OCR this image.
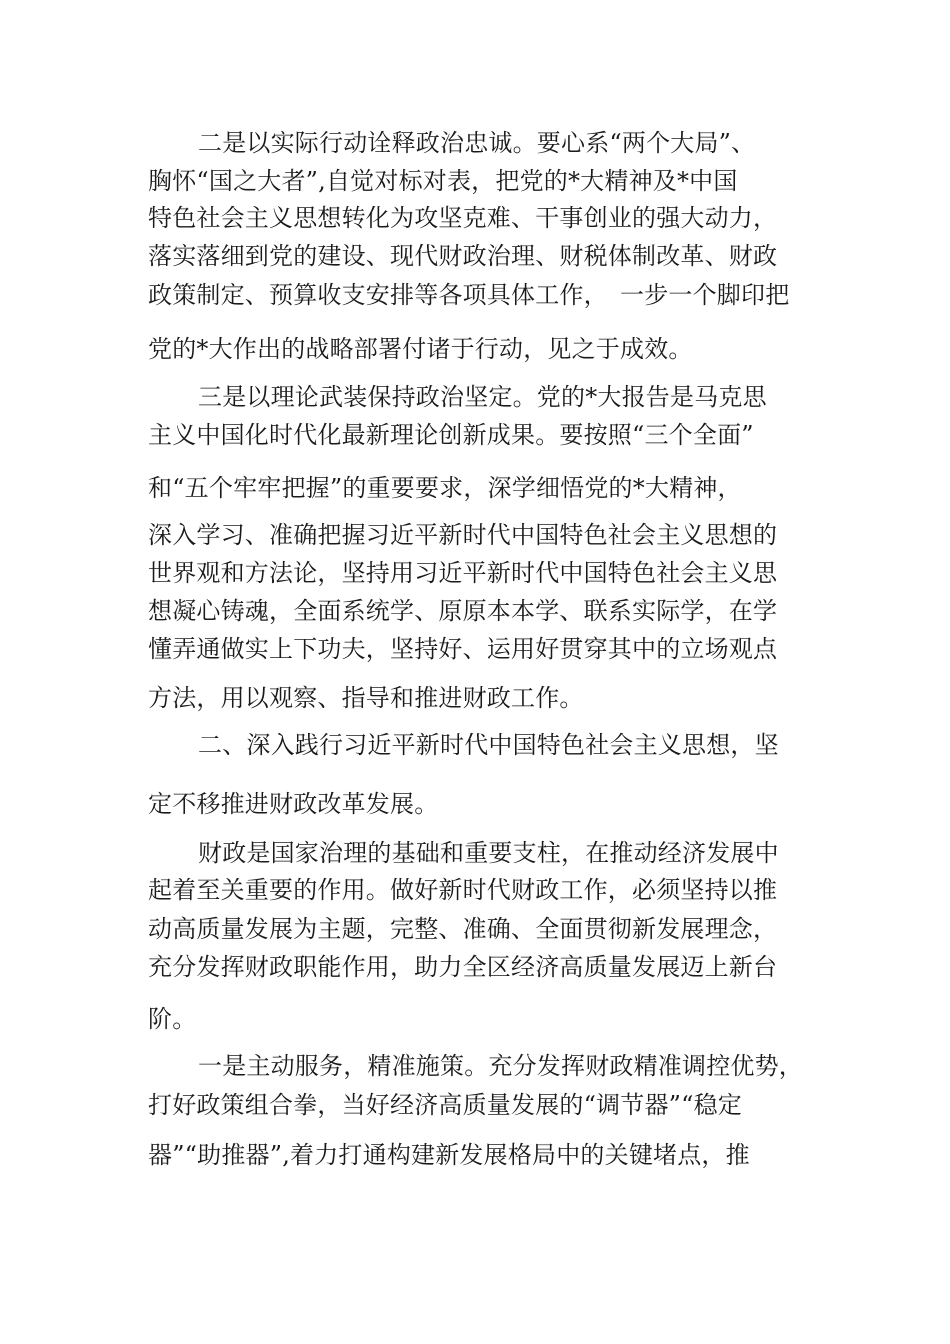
二是以实际行动诠释政治忠诚。要心系“两个大局”、
胸怀“国之大者”,自觉对标对表，把党的*大精神及*中国
特色社会主义思想转化为攻坚克难、干事创业的强大动力，
落实落细到党的建设、现代财政治理、财税体制改革、财政
政策制定、预算收支安排等各项具体工作，　一步一个脚印把
党的*大作出的战略部署付诸于行动，见之于成效。
三是以理论武装保持政治坚定。党的*大报告是马克思
主义中国化时代化最新理论创新成果。要按照“三个全面”
和“五个牢牢把握”的重要要求，深学细悟党的*大精神，
深入学习、准确把握习近平新时代中国特色社会主义思想的
世界观和方法论，坚持用习近平新时代中国特色社会主义思
想凝心铸魂，全面系统学、原原本本学、联系实际学，在学
懂弄通做实上下功夫，坚持好、运用好贯穿其中的立场观点
方法，用以观察、指导和推进财政工作。
二、深入践行习近平新时代中国特色社会主义思想，坚
定不移推进财政改革发展。
财政是国家治理的基础和重要支柱，在推动经济发展中
起着至关重要的作用。做好新时代财政工作，必须坚持以推
动高质量发展为主题，完整、准确、全面贯彻新发展理念，
充分发挥财政职能作用，助力全区经济高质量发展迈上新台
阶。
一是主动服务，精准施策。充分发挥财政精准调控优势，
打好政策组合拳，当好经济高质量发展的“调节器”“稳定
器”“助推器”,着力打通构建新发展格局中的关键堵点，推
